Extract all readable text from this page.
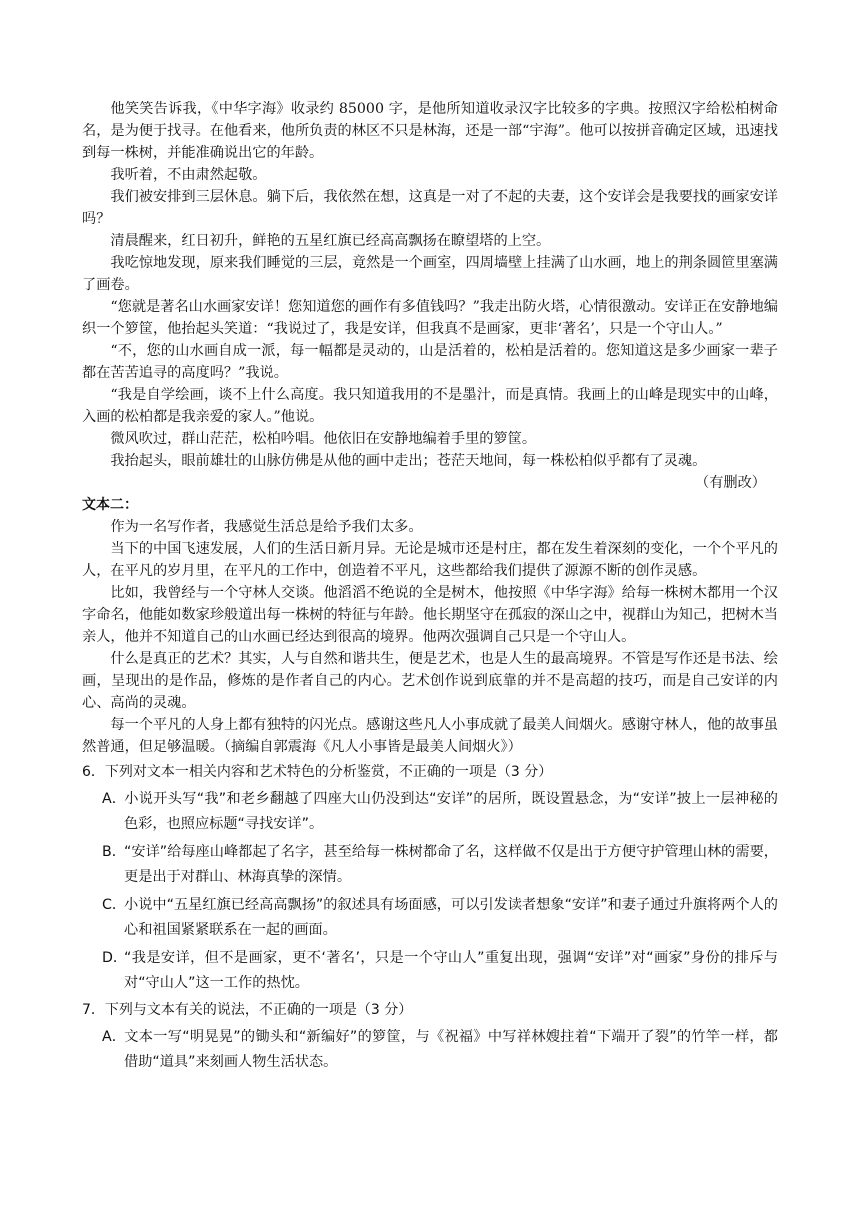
他笑笑告诉我，《中华字海》收录约 85000 字，是他所知道收录汉字比较多的字典。按照汉字给松柏树命名，是为便于找寻。在他看来，他所负责的林区不只是林海，还是一部“宇海”。他可以按拼音确定区域，迅速找到每一株树，并能准确说出它的年龄。

我听着，不由肃然起敬。

我们被安排到三层休息。躺下后，我依然在想，这真是一对了不起的夫妻，这个安详会是我要找的画家安详吗？

清晨醒来，红日初升，鲜艳的五星红旗已经高高飘扬在瞭望塔的上空。

我吃惊地发现，原来我们睡觉的三层，竟然是一个画室，四周墙壁上挂满了山水画，地上的荆条圆笸里塞满了画卷。

“您就是著名山水画家安详！您知道您的画作有多值钱吗？”我走出防火塔，心情很激动。安详正在安静地编织一个箩筐，他抬起头笑道：“我说过了，我是安详，但我真不是画家，更非‘著名’，只是一个守山人。”

“不，您的山水画自成一派，每一幅都是灵动的，山是活着的，松柏是活着的。您知道这是多少画家一辈子都在苦苦追寻的高度吗？”我说。

“我是自学绘画，谈不上什么高度。我只知道我用的不是墨汁，而是真情。我画上的山峰是现实中的山峰，入画的松柏都是我亲爱的家人。”他说。

微风吹过，群山茫茫，松柏吟唱。他依旧在安静地编着手里的箩筐。

我抬起头，眼前雄壮的山脉仿佛是从他的画中走出；苍茫天地间，每一株松柏似乎都有了灵魂。

（有删改）

文本二：

作为一名写作者，我感觉生活总是给予我们太多。

当下的中国飞速发展，人们的生活日新月异。无论是城市还是村庄，都在发生着深刻的变化，一个个平凡的人，在平凡的岁月里，在平凡的工作中，创造着不平凡，这些都给我们提供了源源不断的创作灵感。

比如，我曾经与一个守林人交谈。他滔滔不绝说的全是树木，他按照《中华字海》给每一株树木都用一个汉字命名，他能如数家珍般道出每一株树的特征与年龄。他长期坚守在孤寂的深山之中，视群山为知己，把树木当亲人，他并不知道自己的山水画已经达到很高的境界。他两次强调自己只是一个守山人。

什么是真正的艺术？其实，人与自然和谐共生，便是艺术，也是人生的最高境界。不管是写作还是书法、绘画，呈现出的是作品，修炼的是作者自己的内心。艺术创作说到底靠的并不是高超的技巧，而是自己安详的内心、高尚的灵魂。

每一个平凡的人身上都有独特的闪光点。感谢这些凡人小事成就了最美人间烟火。感谢守林人，他的故事虽然普通，但足够温暖。（摘编自郭震海《凡人小事皆是最美人间烟火》）

6．下列对文本一相关内容和艺术特色的分析鉴赏，不正确的一项是（3 分）

A．小说开头写“我”和老乡翻越了四座大山仍没到达“安详”的居所，既设置悬念，为“安详”披上一层神秘的色彩，也照应标题“寻找安详”。

B．“安详”给每座山峰都起了名字，甚至给每一株树都命了名，这样做不仅是出于方便守护管理山林的需要，更是出于对群山、林海真挚的深情。

C．小说中“五星红旗已经高高飘扬”的叙述具有场面感，可以引发读者想象“安详”和妻子通过升旗将两个人的心和祖国紧紧联系在一起的画面。

D．“我是安详，但不是画家，更不‘著名’，只是一个守山人”重复出现，强调“安详”对“画家”身份的排斥与对“守山人”这一工作的热忱。

7．下列与文本有关的说法，不正确的一项是（3 分）

A．文本一写“明晃晃”的锄头和“新编好”的箩筐，与《祝福》中写祥林嫂拄着“下端开了裂”的竹竿一样，都借助“道具”来刻画人物生活状态。
